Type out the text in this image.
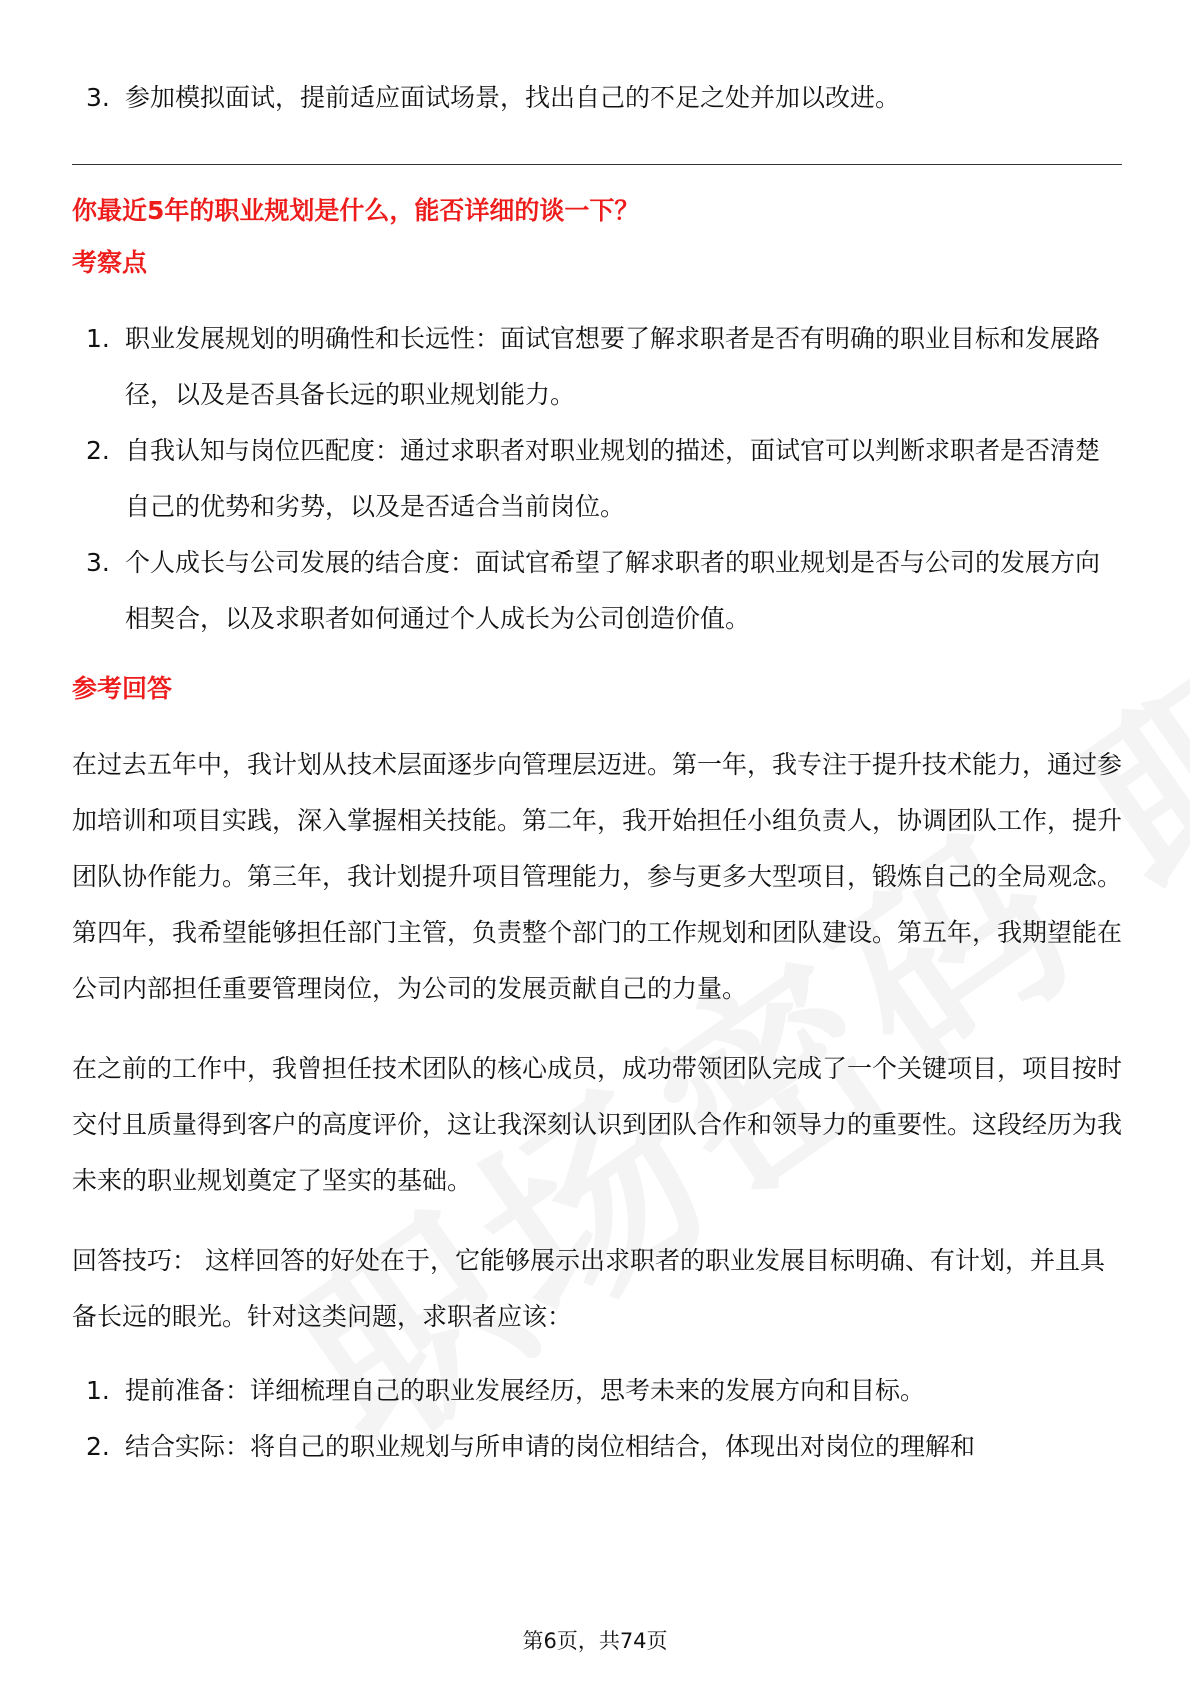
3. 参加模拟面试，提前适应面试场景，找出自己的不足之处并加以改进。
你最近5年的职业规划是什么，能否详细的谈一下？
考察点
1. 职业发展规划的明确性和长远性：面试官想要了解求职者是否有明确的职业目标和发展路径，以及是否具备长远的职业规划能力。
2. 自我认知与岗位匹配度：通过求职者对职业规划的描述，面试官可以判断求职者是否清楚自己的优势和劣势，以及是否适合当前岗位。
3. 个人成长与公司发展的结合度：面试官希望了解求职者的职业规划是否与公司的发展方向相契合，以及求职者如何通过个人成长为公司创造价值。
参考回答

在过去五年中，我计划从技术层面逐步向管理层迈进。第一年，我专注于提升技术能力，通过参加培训和项目实践，深入掌握相关技能。第二年，我开始担任小组负责人，协调团队工作，提升团队协作能力。第三年，我计划提升项目管理能力，参与更多大型项目，锻炼自己的全局观念。第四年，我希望能够担任部门主管，负责整个部门的工作规划和团队建设。第五年，我期望能在公司内部担任重要管理岗位，为公司的发展贡献自己的力量。

在之前的工作中，我曾担任技术团队的核心成员，成功带领团队完成了一个关键项目，项目按时交付且质量得到客户的高度评价，这让我深刻认识到团队合作和领导力的重要性。这段经历为我未来的职业规划奠定了坚实的基础。

回答技巧： 这样回答的好处在于，它能够展示出求职者的职业发展目标明确、有计划，并且具备长远的眼光。针对这类问题，求职者应该：

1. 提前准备：详细梳理自己的职业发展经历，思考未来的发展方向和目标。
2. 结合实际：将自己的职业规划与所申请的岗位相结合，体现出对岗位的理解和
第6页，共74页
